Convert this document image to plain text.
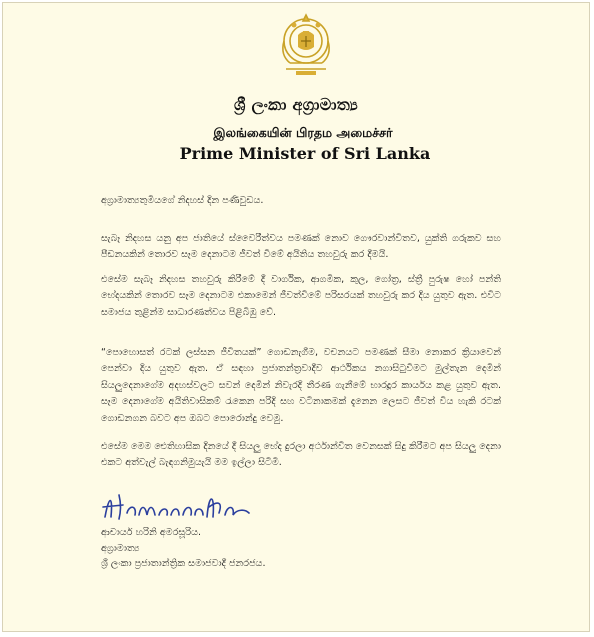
ශ්‍රී ලංකා අග්‍රාමාත්‍ය
இலங்கையின் பிரதம அமைச்சர்
Prime Minister of Sri Lanka
අග්‍රාමාත්‍යතුමියගේ නිදහස් දින පණිවුඩය.

සැබෑ නිදහස යනු අප ජාතියේ ස්වෛරීත්වය පමණක් නොව ගෞරවාන්විතව, යුක්ති ගරුකව සහ පීඩනයකින් තොරව සෑම දෙනාටම ජීවත් වීමේ අයිතිය තහවුරු කර දීමයි.

එසේම සැබෑ නිදහස තහවුරු කිරීමේ දී වාර්ගික, ආගමික, කුල, ගෝත්‍ර, ස්ත්‍රී පුරුෂ හෝ පන්ති භේදයකින් තොරව සෑම දෙනාටම එකාමෙන් ජීවත්වීමේ පරිසරයක් තහවුරු කර දිය යුතුව ඇත. එවිට සමාජය තුළින්ම සාධාරණත්වය පිළිබිඹු වේ.

“පොහොසත් රටක් ලස්සන ජීවිතයක්” ගොඩනැගීම, වචනයට පමණක් සීමා නොකර ක්‍රියාවෙන් පෙන්වා දිය යුතුව ඇත. ඒ සඳහා ප්‍රජාතන්ත්‍රවාදීව ආර්ථිකය නගාසිටුවීමට මුල්තැන දෙමින් සියලුදෙනාගේම අදහස්වලට සවන් දෙමින් නිවැරදි තීරණ ගැනීමේ භාරදූර කාර්යය කළ යුතුව ඇත. සෑම දෙනාගේම අයිතිවාසිකම් රැකෙන පරිදි සහ වටිනාකමක් දැනෙන ලෙසට ජීවත් විය හැකි රටක් ගොඩනගන බවට අප ඔබට පොරොන්දු වෙමු.

එසේම මෙම ඓතිහාසික දිනයේ දී සියලු භේද දුරලා අර්ථාන්විත වෙනසක් සිදු කිරීමට අප සියලු දෙනා එකට අත්වැල් බැඳගනිමුයැයි මම ඉල්ලා සිටිමි.

ආචාර්ය හරිනි අමරසූරිය.
අග්‍රාමාත්‍ය
ශ්‍රී ලංකා ප්‍රජාතාන්ත්‍රික සමාජවාදී ජනරජය.
